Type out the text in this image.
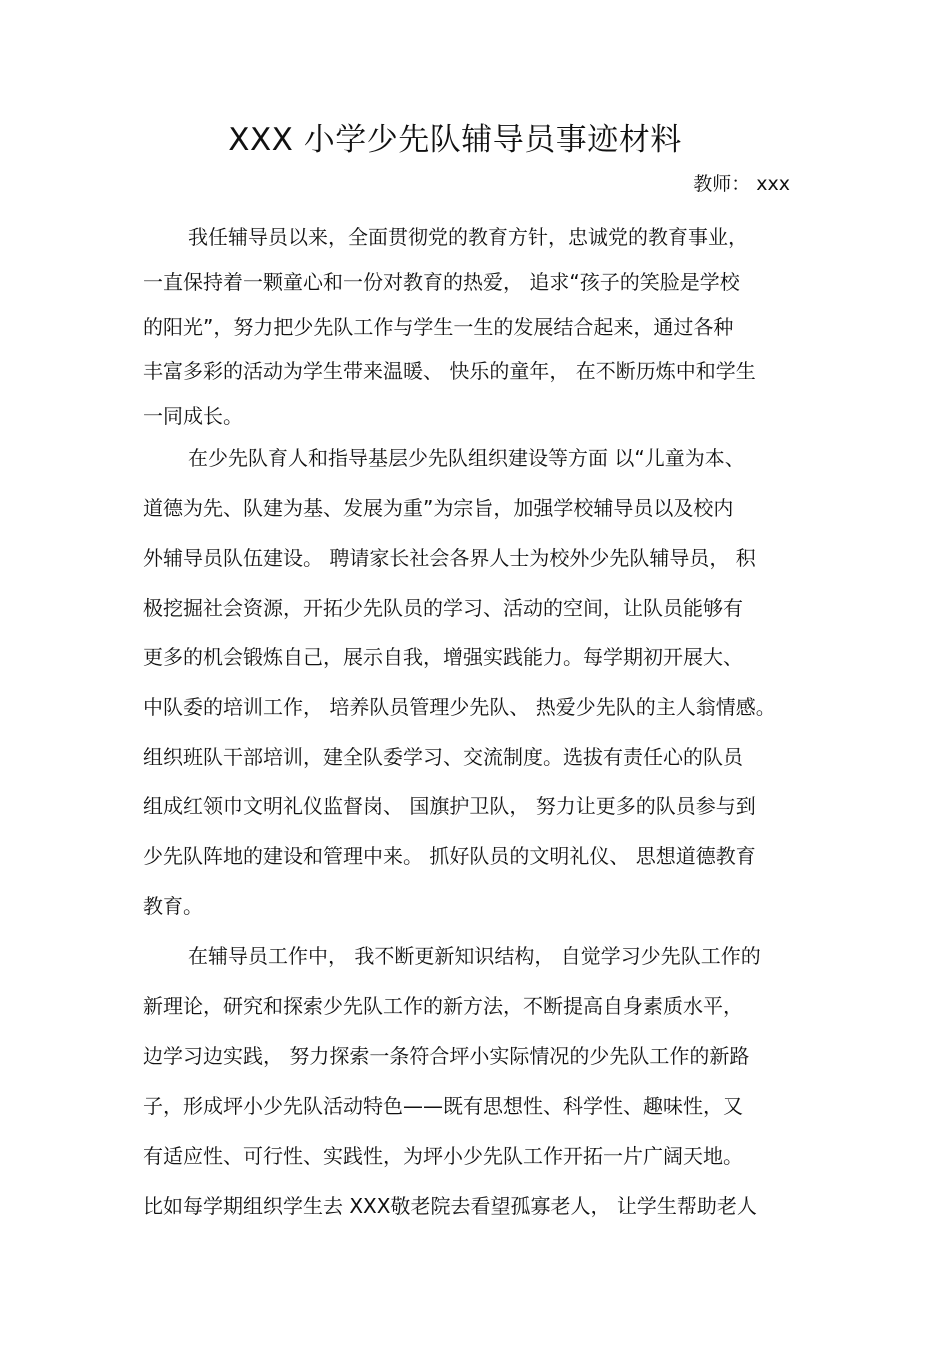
XXX 小学少先队辅导员事迹材料
教师： xxx
我任辅导员以来，全面贯彻党的教育方针，忠诚党的教育事业，
一直保持着一颗童心和一份对教育的热爱， 追求“孩子的笑脸是学校
的阳光”，努力把少先队工作与学生一生的发展结合起来，通过各种
丰富多彩的活动为学生带来温暖、 快乐的童年， 在不断历炼中和学生
一同成长。
在少先队育人和指导基层少先队组织建设等方面 以“儿童为本、
道德为先、队建为基、发展为重”为宗旨，加强学校辅导员以及校内
外辅导员队伍建设。 聘请家长社会各界人士为校外少先队辅导员， 积
极挖掘社会资源，开拓少先队员的学习、活动的空间，让队员能够有
更多的机会锻炼自己，展示自我，增强实践能力。每学期初开展大、
中队委的培训工作， 培养队员管理少先队、 热爱少先队的主人翁情感。
组织班队干部培训，建全队委学习、交流制度。选拔有责任心的队员
组成红领巾文明礼仪监督岗、 国旗护卫队， 努力让更多的队员参与到
少先队阵地的建设和管理中来。 抓好队员的文明礼仪、 思想道德教育
教育。
在辅导员工作中， 我不断更新知识结构， 自觉学习少先队工作的
新理论，研究和探索少先队工作的新方法，不断提高自身素质水平，
边学习边实践， 努力探索一条符合坪小实际情况的少先队工作的新路
子，形成坪小少先队活动特色——既有思想性、科学性、趣味性，又
有适应性、可行性、实践性，为坪小少先队工作开拓一片广阔天地。
比如每学期组织学生去 XXX敬老院去看望孤寡老人， 让学生帮助老人
